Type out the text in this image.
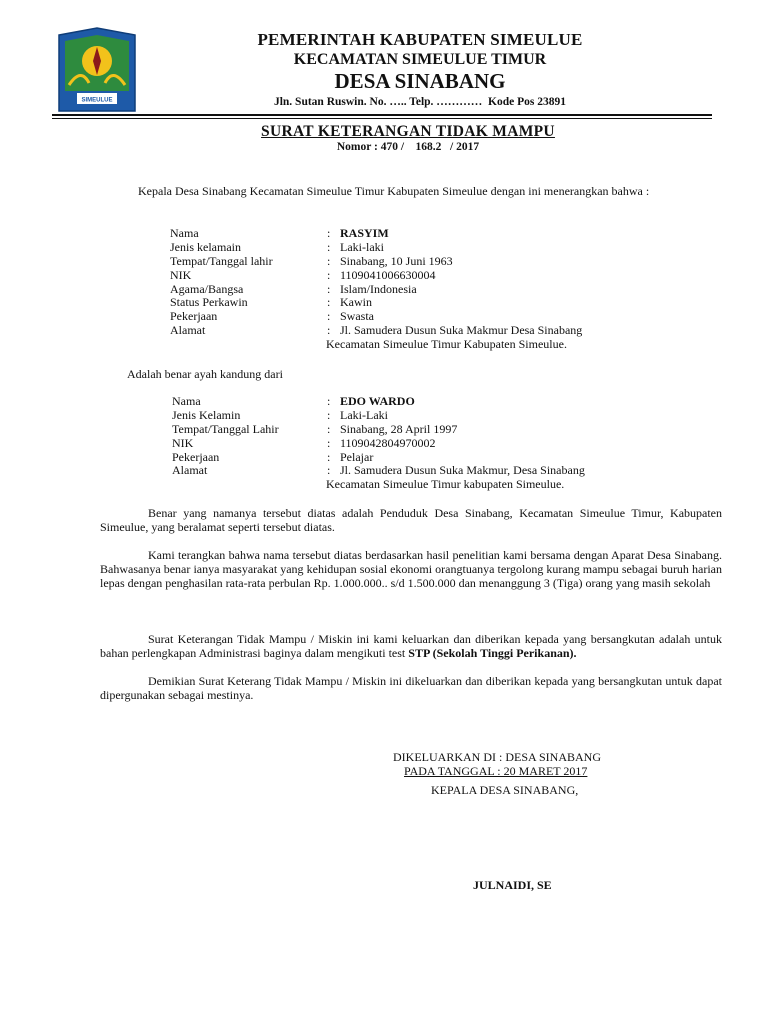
SIMEULUE
PEMERINTAH KABUPATEN SIMEULUE
KECAMATAN SIMEULUE TIMUR
DESA SINABANG
Jln. Sutan Ruswin. No. ….. Telp. …………  Kode Pos 23891
SURAT KETERANGAN TIDAK MAMPU
Nomor : 470 /    168.2   / 2017
Kepala Desa Sinabang Kecamatan Simeulue Timur Kabupaten Simeulue dengan ini menerangkan bahwa :
Nama	: RASYIM
Jenis kelamain	: Laki-laki
Tempat/Tanggal lahir	: Sinabang, 10 Juni 1963
NIK	: 1109041006630004
Agama/Bangsa	: Islam/Indonesia
Status Perkawin	: Kawin
Pekerjaan	: Swasta
Alamat	: Jl. Samudera Dusun Suka Makmur Desa Sinabang
Kecamatan Simeulue Timur Kabupaten Simeulue.
Adalah benar ayah kandung dari
Nama	: EDO WARDO
Jenis Kelamin	: Laki-Laki
Tempat/Tanggal Lahir	: Sinabang, 28 April 1997
NIK	: 1109042804970002
Pekerjaan	: Pelajar
Alamat	: Jl. Samudera Dusun Suka Makmur, Desa Sinabang
Kecamatan Simeulue Timur kabupaten Simeulue.
Benar yang namanya tersebut diatas adalah Penduduk Desa Sinabang, Kecamatan Simeulue Timur, Kabupaten Simeulue, yang beralamat seperti tersebut diatas.
Kami terangkan bahwa nama tersebut diatas berdasarkan hasil penelitian kami bersama dengan Aparat Desa Sinabang. Bahwasanya benar ianya masyarakat yang kehidupan sosial ekonomi orangtuanya tergolong kurang mampu sebagai buruh harian lepas dengan penghasilan rata-rata perbulan Rp. 1.000.000.. s/d 1.500.000 dan menanggung 3 (Tiga) orang yang masih sekolah
Surat Keterangan Tidak Mampu / Miskin ini kami keluarkan dan diberikan kepada yang bersangkutan adalah untuk bahan perlengkapan Administrasi baginya dalam mengikuti test STP (Sekolah Tinggi Perikanan).
Demikian Surat Keterang Tidak Mampu / Miskin ini dikeluarkan dan diberikan kepada yang bersangkutan untuk dapat dipergunakan sebagai mestinya.
DIKELUARKAN DI : DESA SINABANG
PADA TANGGAL : 20 MARET 2017
KEPALA DESA SINABANG,
JULNAIDI, SE
